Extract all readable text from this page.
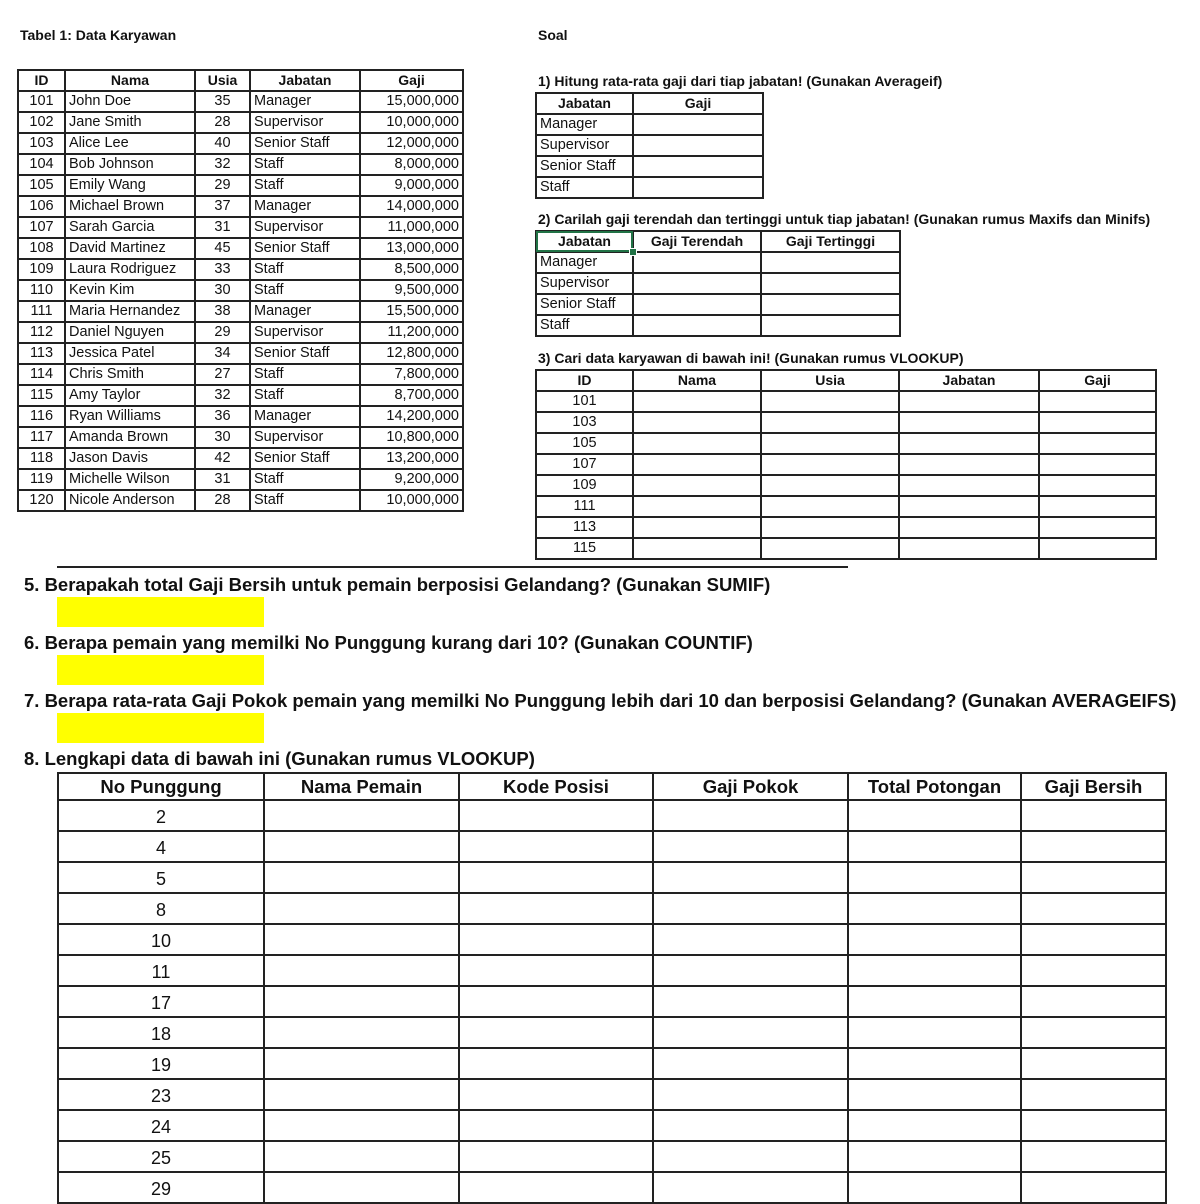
Tabel 1: Data Karyawan
ID	Nama	Usia	Jabatan	Gaji
101	John Doe	35	Manager	15,000,000
102	Jane Smith	28	Supervisor	10,000,000
103	Alice Lee	40	Senior Staff	12,000,000
104	Bob Johnson	32	Staff	8,000,000
105	Emily Wang	29	Staff	9,000,000
106	Michael Brown	37	Manager	14,000,000
107	Sarah Garcia	31	Supervisor	11,000,000
108	David Martinez	45	Senior Staff	13,000,000
109	Laura Rodriguez	33	Staff	8,500,000
110	Kevin Kim	30	Staff	9,500,000
111	Maria Hernandez	38	Manager	15,500,000
112	Daniel Nguyen	29	Supervisor	11,200,000
113	Jessica Patel	34	Senior Staff	12,800,000
114	Chris Smith	27	Staff	7,800,000
115	Amy Taylor	32	Staff	8,700,000
116	Ryan Williams	36	Manager	14,200,000
117	Amanda Brown	30	Supervisor	10,800,000
118	Jason Davis	42	Senior Staff	13,200,000
119	Michelle Wilson	31	Staff	9,200,000
120	Nicole Anderson	28	Staff	10,000,000
Soal
1) Hitung rata-rata gaji dari tiap jabatan! (Gunakan Averageif)
Jabatan	Gaji
Manager	
Supervisor	
Senior Staff	
Staff	
2) Carilah gaji terendah dan tertinggi untuk tiap jabatan! (Gunakan rumus Maxifs dan Minifs)
Jabatan	Gaji Terendah	Gaji Tertinggi
Manager		
Supervisor		
Senior Staff		
Staff		
3) Cari data karyawan di bawah ini! (Gunakan rumus VLOOKUP)
ID	Nama	Usia	Jabatan	Gaji
101				
103				
105				
107				
109				
111				
113				
115				
5. Berapakah total Gaji Bersih untuk pemain berposisi Gelandang? (Gunakan SUMIF)
6. Berapa pemain yang memilki No Punggung kurang dari 10? (Gunakan COUNTIF)
7. Berapa rata-rata Gaji Pokok pemain yang memilki No Punggung lebih dari 10 dan berposisi Gelandang? (Gunakan AVERAGEIFS)
8. Lengkapi data di bawah ini (Gunakan rumus VLOOKUP)
No Punggung	Nama Pemain	Kode Posisi	Gaji Pokok	Total Potongan	Gaji Bersih
2					
4					
5					
8					
10					
11					
17					
18					
19					
23					
24					
25					
29					
